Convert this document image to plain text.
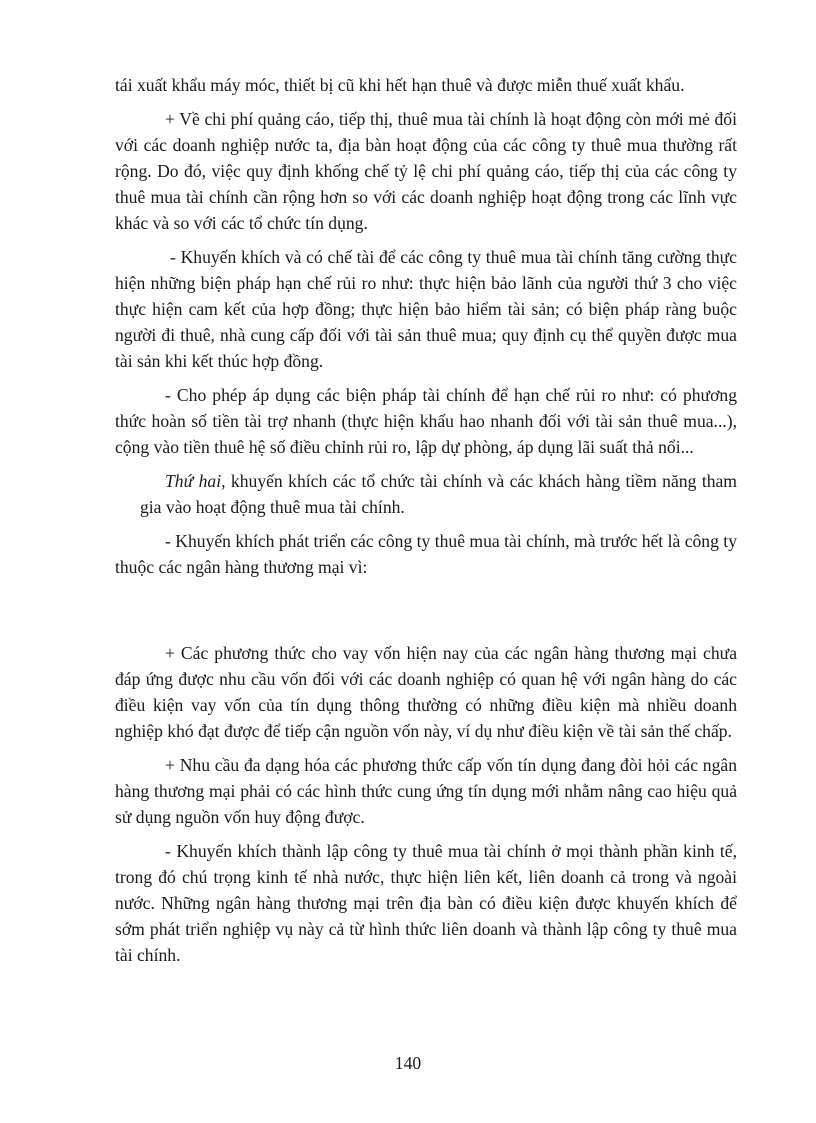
tái xuất khẩu máy móc, thiết bị cũ khi hết hạn thuê và được miễn thuế xuất khẩu.

+ Về chi phí quảng cáo, tiếp thị, thuê mua tài chính là hoạt động còn mới mẻ đối với các doanh nghiệp nước ta, địa bàn hoạt động của các công ty thuê mua thường rất rộng. Do đó, việc quy định khống chế tỷ lệ chi phí quảng cáo, tiếp thị của các công ty thuê mua tài chính cần rộng hơn so với các doanh nghiệp hoạt động trong các lĩnh vực khác và so với các tổ chức tín dụng.

- Khuyến khích và có chế tài để các công ty thuê mua tài chính tăng cường thực hiện những biện pháp hạn chế rủi ro như: thực hiện bảo lãnh của người thứ 3 cho việc thực hiện cam kết của hợp đồng; thực hiện bảo hiểm tài sản; có biện pháp ràng buộc người đi thuê, nhà cung cấp đối với tài sản thuê mua; quy định cụ thể quyền được mua tài sản khi kết thúc hợp đồng.

- Cho phép áp dụng các biện pháp tài chính để hạn chế rủi ro như: có phương thức hoàn số tiền tài trợ nhanh (thực hiện khấu hao nhanh đối với tài sản thuê mua...), cộng vào tiền thuê hệ số điều chỉnh rủi ro, lập dự phòng, áp dụng lãi suất thả nổi...

Thứ hai, khuyến khích các tổ chức tài chính và các khách hàng tiềm năng tham gia vào hoạt động thuê mua tài chính.

- Khuyến khích phát triển các công ty thuê mua tài chính, mà trước hết là công ty thuộc các ngân hàng thương mại vì:

+ Các phương thức cho vay vốn hiện nay của các ngân hàng thương mại chưa đáp ứng được nhu cầu vốn đối với các doanh nghiệp có quan hệ với ngân hàng do các điều kiện vay vốn của tín dụng thông thường có những điều kiện mà nhiều doanh nghiệp khó đạt được để tiếp cận nguồn vốn này, ví dụ như điều kiện về tài sản thế chấp.

+ Nhu cầu đa dạng hóa các phương thức cấp vốn tín dụng đang đòi hỏi các ngân hàng thương mại phải có các hình thức cung ứng tín dụng mới nhằm nâng cao hiệu quả sử dụng nguồn vốn huy động được.

- Khuyến khích thành lập công ty thuê mua tài chính ở mọi thành phần kinh tế, trong đó chú trọng kinh tế nhà nước, thực hiện liên kết, liên doanh cả trong và ngoài nước. Những ngân hàng thương mại trên địa bàn có điều kiện được khuyến khích để sớm phát triển nghiệp vụ này cả từ hình thức liên doanh và thành lập công ty thuê mua tài chính.

140
